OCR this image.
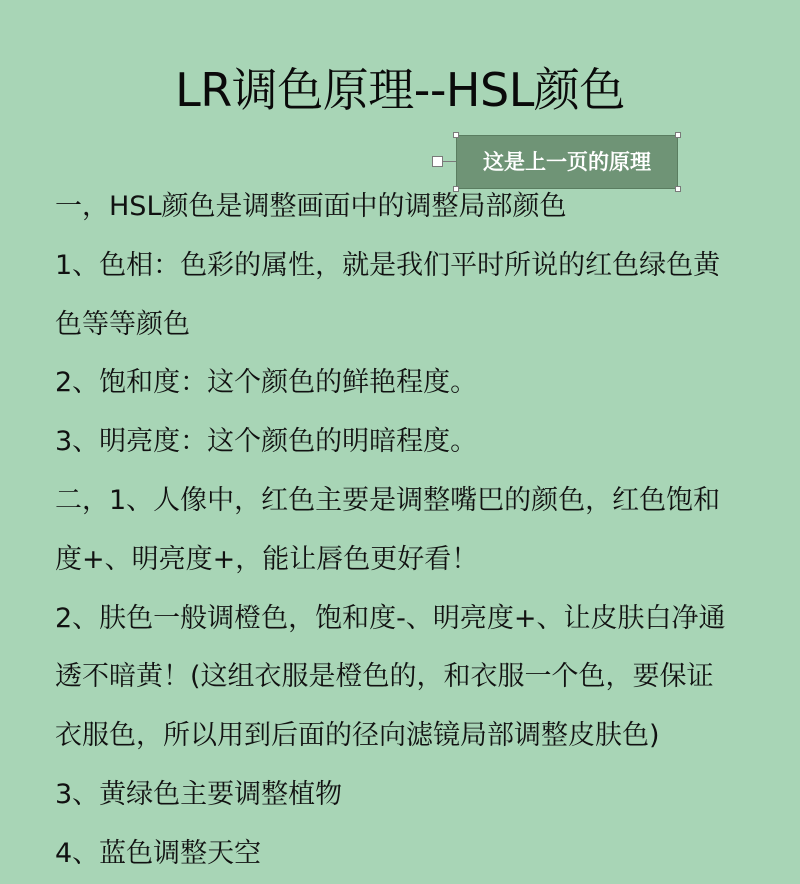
LR调色原理--HSL颜色
这是上一页的原理
一，HSL颜色是调整画面中的调整局部颜色
1、色相：色彩的属性，就是我们平时所说的红色绿色黄
色等等颜色
2、饱和度：这个颜色的鲜艳程度。
3、明亮度：这个颜色的明暗程度。
二，1、人像中，红色主要是调整嘴巴的颜色，红色饱和
度+、明亮度+，能让唇色更好看！
2、肤色一般调橙色，饱和度-、明亮度+、让皮肤白净通
透不暗黄！(这组衣服是橙色的，和衣服一个色，要保证
衣服色，所以用到后面的径向滤镜局部调整皮肤色)
3、黄绿色主要调整植物
4、蓝色调整天空
